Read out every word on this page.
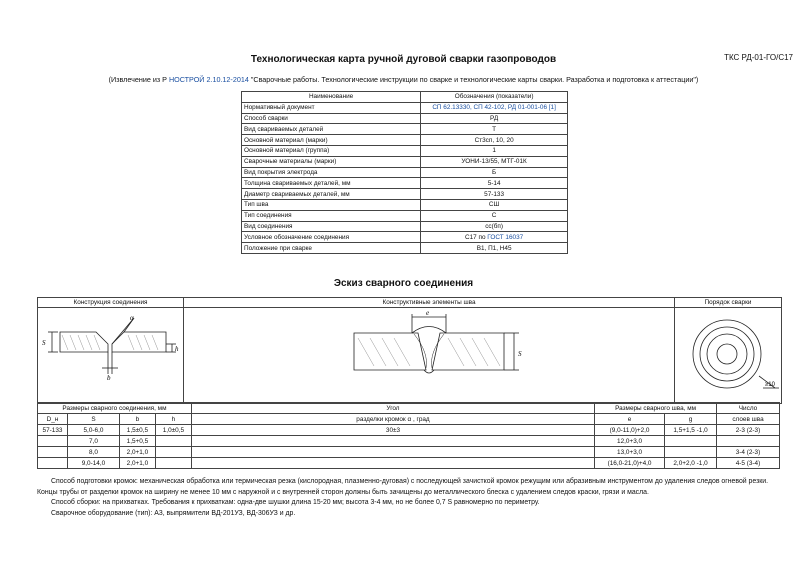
ТКС РД-01-ГО/С17
Технологическая карта ручной дуговой сварки газопроводов
(Извлечение из Р НОСТРОЙ 2.10.12-2014 "Сварочные работы. Технологические инструкции по сварке и технологические карты сварки. Разработка и подготовка к аттестации")
Наименование	Обозначения (показатели)
Нормативный документ	СП 62.13330, СП 42-102, РД 01-001-06 [1]
Способ сварки	РД
Вид свариваемых деталей	Т
Основной материал (марки)	Ст3сп, 10, 20
Основной материал (группа)	1
Сварочные материалы (марки)	УОНИ-13/55, МТГ-01К
Вид покрытия электрода	Б
Толщина свариваемых деталей, мм	5-14
Диаметр свариваемых деталей, мм	57-133
Тип шва	СШ
Тип соединения	С
Вид соединения	сс(бп)
Условное обозначение соединения	С17 по ГОСТ 16037
Положение при сварке	В1, П1, Н45
Эскиз сварного соединения
Конструкция соединения	Конструктивные элементы шва	Порядок сварки
S
α
b
h
e
S
≥10
Размеры сварного соединения, мм				Угол	Размеры сварного шва, мм		Число
D_н	S	b	h	разделки кромок α , град	e	g	слоев шва
57-133	5,0-6,0	1,5±0,5	1,0±0,5	30±3	(9,0-11,0)+2,0	1,5+1,5 -1,0	2-3 (2-3)
	7,0	1,5+0,5			12,0+3,0		
	8,0	2,0+1,0			13,0+3,0		3-4 (2-3)
	9,0-14,0	2,0+1,0			(16,0-21,0)+4,0	2,0+2,0 -1,0	4-5 (3-4)

Способ подготовки кромок: механическая обработка или термическая резка (кислородная, плазменно-дуговая) с последующей зачисткой кромок режущим или абразивным инструментом до удаления следов огневой резки. Концы трубы от разделки кромок на ширину не менее 10 мм с наружной и с внутренней сторон должны быть зачищены до металлического блеска с удалением следов краски, грязи и масла.

Способ сборки: на прихватках. Требования к прихваткам: одна-две шушки длина 15-20 мм; высота 3-4 мм, но не более 0,7 S равномерно по периметру.

Сварочное оборудование (тип): А3, выпрямители ВД-201УЗ, ВД-306УЗ и др.
